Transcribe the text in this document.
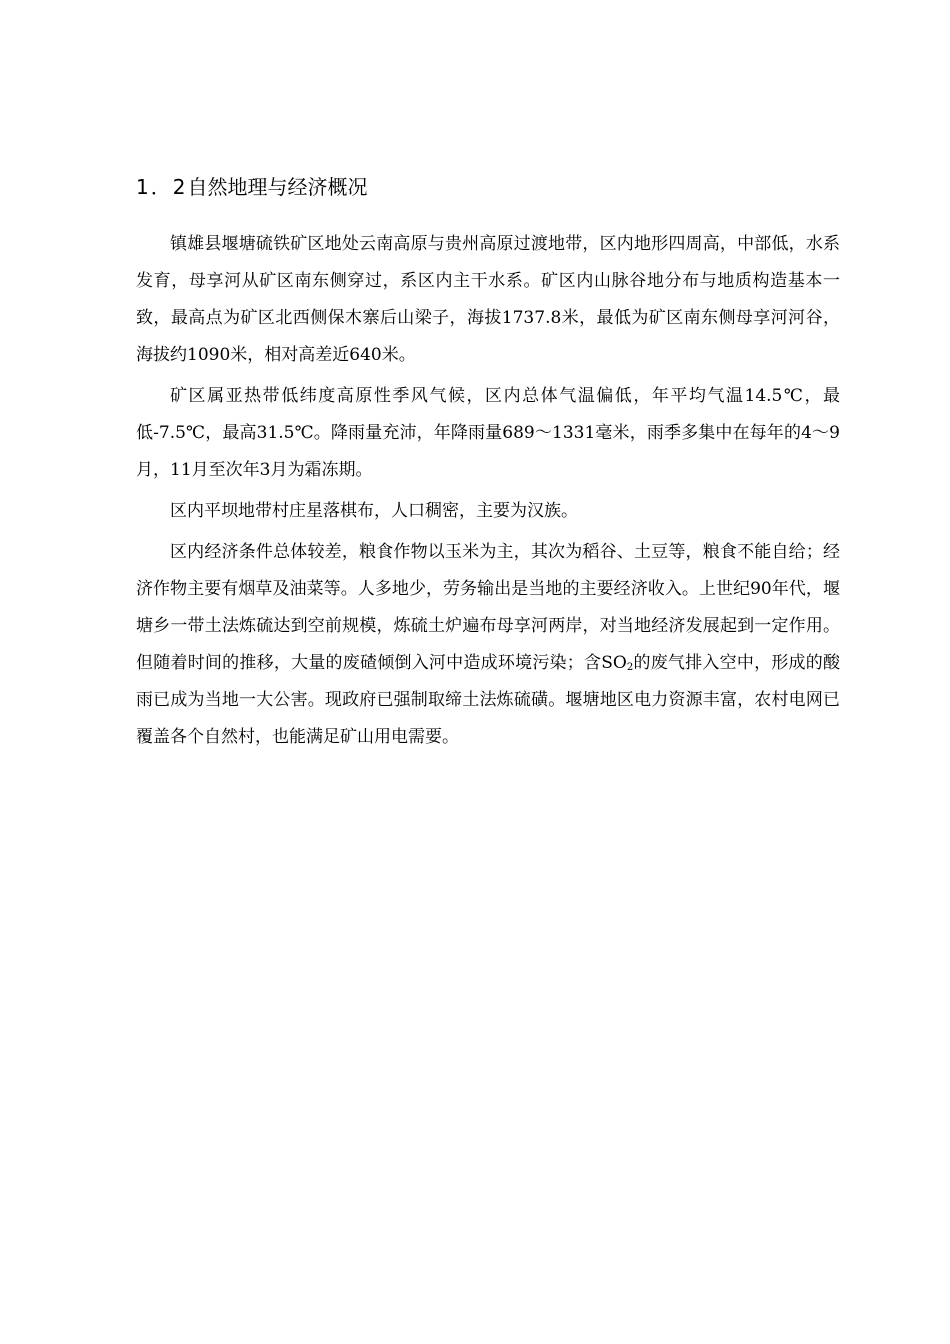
1．2自然地理与经济概况

镇雄县堰塘硫铁矿区地处云南高原与贵州高原过渡地带，区内地形四周高，中部低，水系发育，母享河从矿区南东侧穿过，系区内主干水系。矿区内山脉谷地分布与地质构造基本一致，最高点为矿区北西侧保木寨后山梁子，海拔1737.8米，最低为矿区南东侧母享河河谷，海拔约1090米，相对高差近640米。

矿区属亚热带低纬度高原性季风气候，区内总体气温偏低，年平均气温14.5℃，最低-7.5℃，最高31.5℃。降雨量充沛，年降雨量689～1331毫米，雨季多集中在每年的4～9月，11月至次年3月为霜冻期。

区内平坝地带村庄星落棋布，人口稠密，主要为汉族。

区内经济条件总体较差，粮食作物以玉米为主，其次为稻谷、土豆等，粮食不能自给；经济作物主要有烟草及油菜等。人多地少，劳务输出是当地的主要经济收入。上世纪90年代，堰塘乡一带土法炼硫达到空前规模，炼硫土炉遍布母享河两岸，对当地经济发展起到一定作用。但随着时间的推移，大量的废碴倾倒入河中造成环境污染；含$SO_2$的废气排入空中，形成的酸雨已成为当地一大公害。现政府已强制取缔土法炼硫磺。堰塘地区电力资源丰富，农村电网已覆盖各个自然村，也能满足矿山用电需要。
